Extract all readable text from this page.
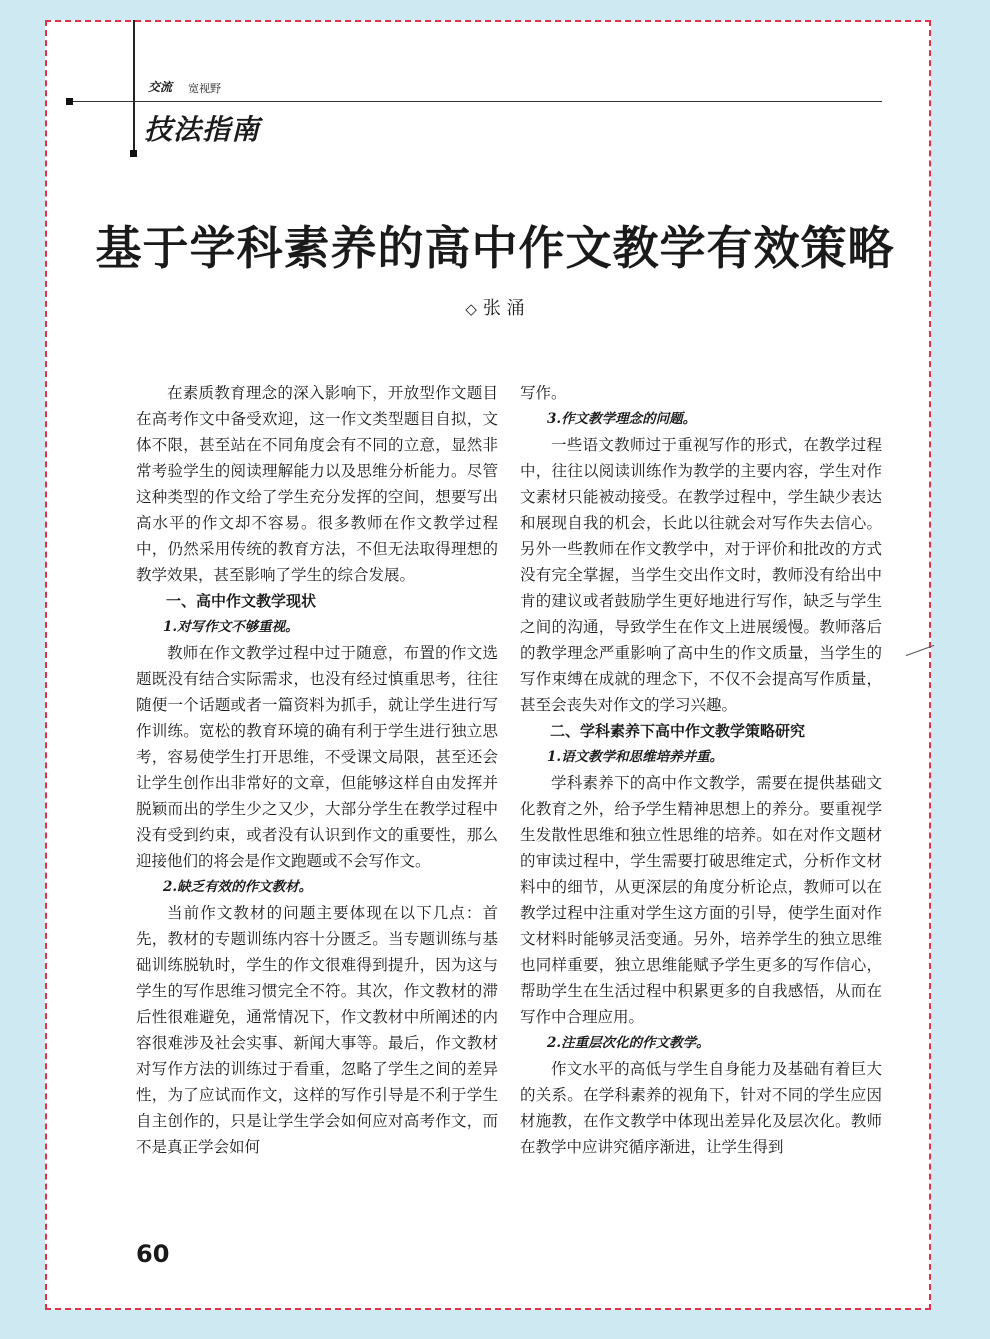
交流 宽视野
技法指南
基于学科素养的高中作文教学有效策略
◇ 张 涌

在素质教育理念的深入影响下，开放型作文题目在高考作文中备受欢迎，这一作文类型题目自拟，文体不限，甚至站在不同角度会有不同的立意，显然非常考验学生的阅读理解能力以及思维分析能力。尽管这种类型的作文给了学生充分发挥的空间，想要写出高水平的作文却不容易。很多教师在作文教学过程中，仍然采用传统的教育方法，不但无法取得理想的教学效果，甚至影响了学生的综合发展。

一、高中作文教学现状

1.对写作文不够重视。

教师在作文教学过程中过于随意，布置的作文选题既没有结合实际需求，也没有经过慎重思考，往往随便一个话题或者一篇资料为抓手，就让学生进行写作训练。宽松的教育环境的确有利于学生进行独立思考，容易使学生打开思维，不受课文局限，甚至还会让学生创作出非常好的文章，但能够这样自由发挥并脱颖而出的学生少之又少，大部分学生在教学过程中没有受到约束，或者没有认识到作文的重要性，那么迎接他们的将会是作文跑题或不会写作文。

2.缺乏有效的作文教材。

当前作文教材的问题主要体现在以下几点：首先，教材的专题训练内容十分匮乏。当专题训练与基础训练脱轨时，学生的作文很难得到提升，因为这与学生的写作思维习惯完全不符。其次，作文教材的滞后性很难避免，通常情况下，作文教材中所阐述的内容很难涉及社会实事、新闻大事等。最后，作文教材对写作方法的训练过于看重，忽略了学生之间的差异性，为了应试而作文，这样的写作引导是不利于学生自主创作的，只是让学生学会如何应对高考作文，而不是真正学会如何

写作。

3.作文教学理念的问题。

一些语文教师过于重视写作的形式，在教学过程中，往往以阅读训练作为教学的主要内容，学生对作文素材只能被动接受。在教学过程中，学生缺少表达和展现自我的机会，长此以往就会对写作失去信心。另外一些教师在作文教学中，对于评价和批改的方式没有完全掌握，当学生交出作文时，教师没有给出中肯的建议或者鼓励学生更好地进行写作，缺乏与学生之间的沟通，导致学生在作文上进展缓慢。教师落后的教学理念严重影响了高中生的作文质量，当学生的写作束缚在成就的理念下，不仅不会提高写作质量，甚至会丧失对作文的学习兴趣。

二、学科素养下高中作文教学策略研究

1.语文教学和思维培养并重。

学科素养下的高中作文教学，需要在提供基础文化教育之外，给予学生精神思想上的养分。要重视学生发散性思维和独立性思维的培养。如在对作文题材的审读过程中，学生需要打破思维定式，分析作文材料中的细节，从更深层的角度分析论点，教师可以在教学过程中注重对学生这方面的引导，使学生面对作文材料时能够灵活变通。另外，培养学生的独立思维也同样重要，独立思维能赋予学生更多的写作信心，帮助学生在生活过程中积累更多的自我感悟，从而在写作中合理应用。

2.注重层次化的作文教学。

作文水平的高低与学生自身能力及基础有着巨大的关系。在学科素养的视角下，针对不同的学生应因材施教，在作文教学中体现出差异化及层次化。教师在教学中应讲究循序渐进，让学生得到

60
